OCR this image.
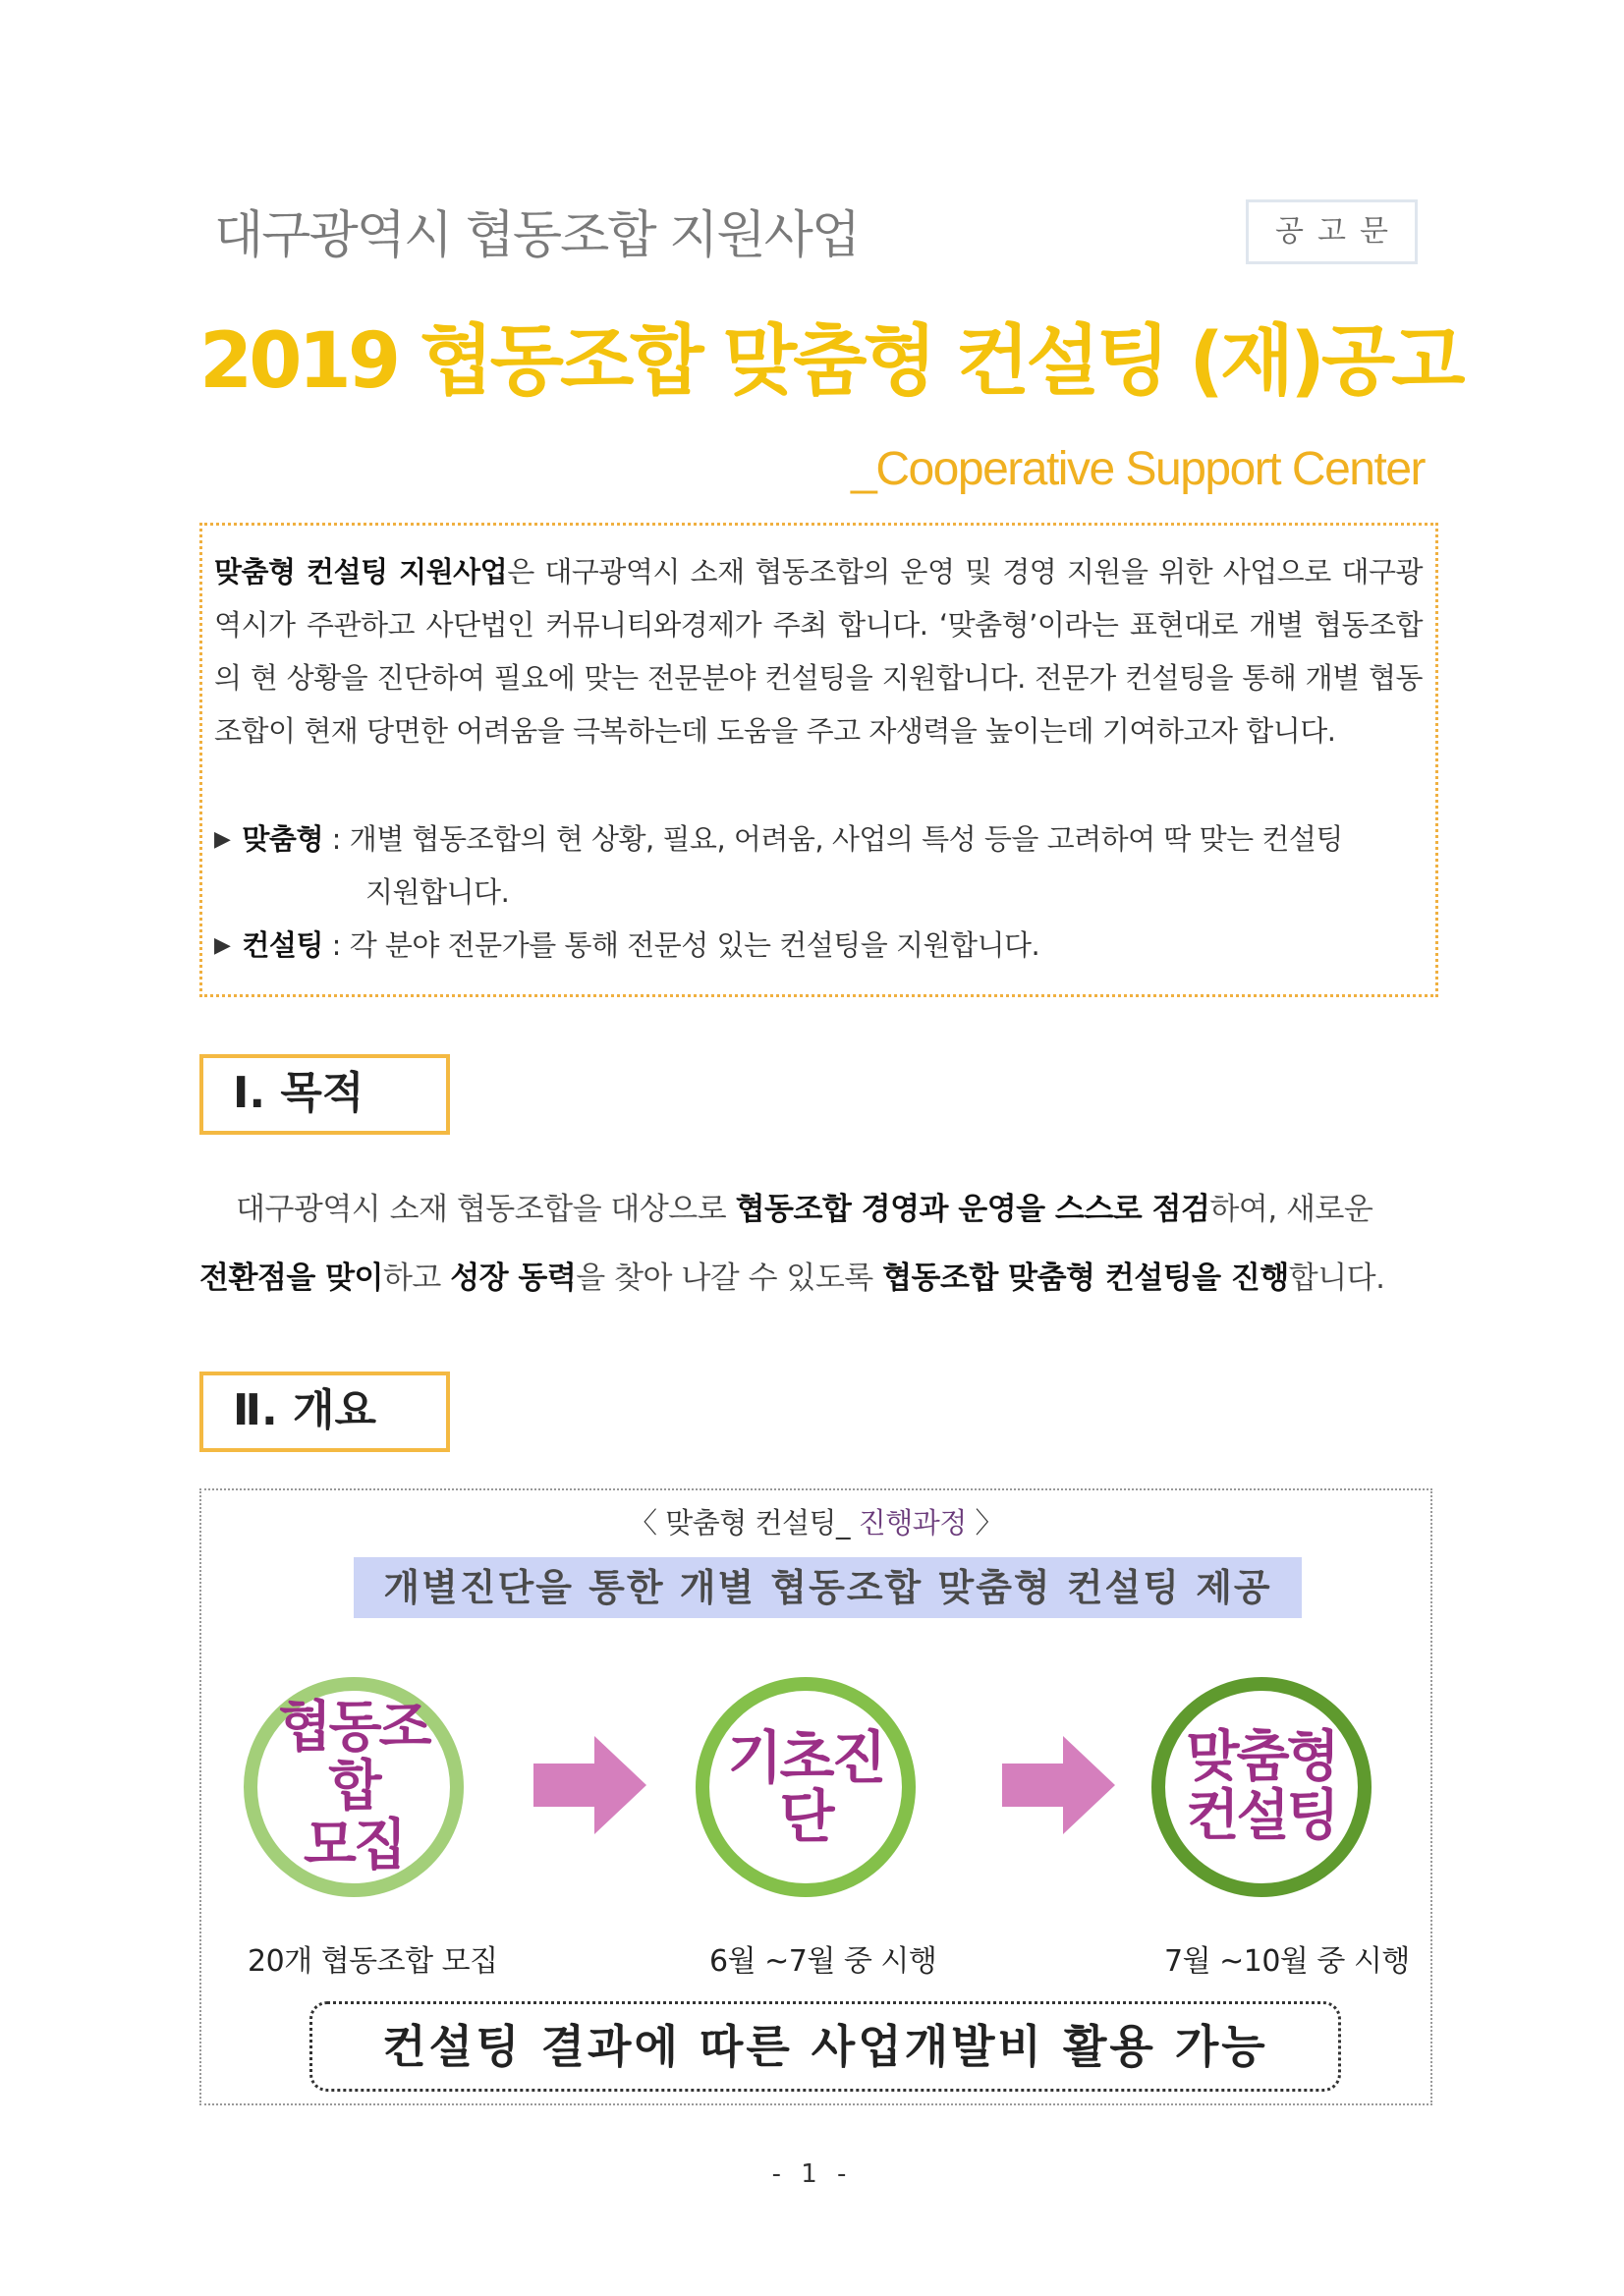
대구광역시 협동조합 지원사업	공고문
2019 협동조합 맞춤형 컨설팅 (재)공고
_Cooperative Support Center
맞춤형 컨설팅 지원사업은 대구광역시 소재 협동조합의 운영 및 경영 지원을 위한 사업으로 대구광역시가 주관하고 사단법인 커뮤니티와경제가 주최 합니다. ‘맞춤형’이라는 표현대로 개별 협동조합의 현 상황을 진단하여 필요에 맞는 전문분야 컨설팅을 지원합니다. 전문가 컨설팅을 통해 개별 협동조합이 현재 당면한 어려움을 극복하는데 도움을 주고 자생력을 높이는데 기여하고자 합니다.
▶ 맞춤형 : 개별 협동조합의 현 상황, 필요, 어려움, 사업의 특성 등을 고려하여 딱 맞는 컨설팅
지원합니다.
▶ 컨설팅 : 각 분야 전문가를 통해 전문성 있는 컨설팅을 지원합니다.
Ⅰ. 목적

대구광역시 소재 협동조합을 대상으로 협동조합 경영과 운영을 스스로 점검하여, 새로운

전환점을 맞이하고 성장 동력을 찾아 나갈 수 있도록 협동조합 맞춤형 컨설팅을 진행합니다.

Ⅱ. 개요
〈 맞춤형 컨설팅_ 진행과정 〉
개별진단을 통한 개별 협동조합 맞춤형 컨설팅 제공
협동조합
모집
기초진단
맞춤형
컨설팅
20개 협동조합 모집	6월 ~7월 중 시행	7월 ~10월 중 시행
컨설팅 결과에 따른 사업개발비 활용 가능
- 1 -
